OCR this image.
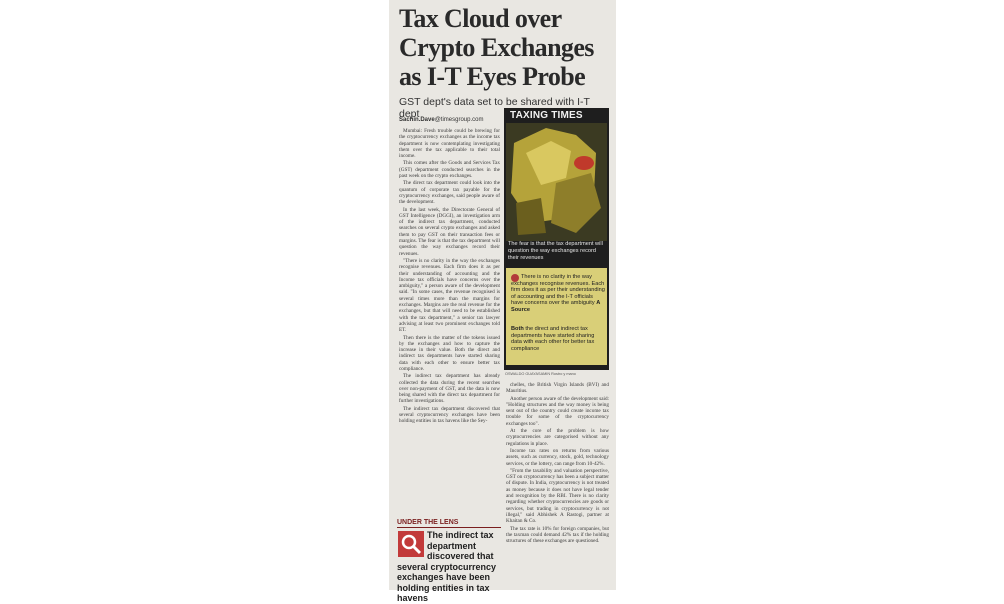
Tax Cloud over Crypto Exchanges as I-T Eyes Probe
GST dept's data set to be shared with I-T dept
Sachin.Dave@timesgroup.com

Mumbai: Fresh trouble could be brewing for the cryptocurrency exchanges as the income tax department is now contemplating investigating them over the tax applicable to their total income.

This comes after the Goods and Services Tax (GST) department conducted searches in the past week on the crypto exchanges.

The direct tax department could look into the quantum of corporate tax payable for the cryptocurrency exchanges, said people aware of the development.

In the last week, the Directorate General of GST Intelligence (DGGI), an investigation arm of the indirect tax department, conducted searches on several crypto exchanges and asked them to pay GST on their transaction fees or margins. The fear is that the tax department will question the way exchanges record their revenues.

"There is no clarity in the way the exchanges recognise revenues. Each firm does it as per their understanding of accounting and the Income tax officials have concerns over the ambiguity," a person aware of the development said. "In some cases, the revenue recognised is several times more than the margins for exchanges. Margins are the real revenue for the exchanges, but that will need to be established with the tax department," a senior tax lawyer advising at least two prominent exchanges told ET.

Then there is the matter of the tokens issued by the exchanges and how to capture the increase in their value. Both the direct and indirect tax departments have started sharing data with each other to ensure better tax compliance.

The indirect tax department has already collected the data during the recent searches over non-payment of GST, and the data is now being shared with the direct tax department for further investigations.

The indirect tax department discovered that several cryptocurrency exchanges have been holding entities in tax havens like the Sey-

TAXING TIMES
The fear is that the tax department will question the way exchanges record their revenues
There is no clarity in the way exchanges recognise revenues. Each firm does it as per their understanding of accounting and the I-T officials have concerns over the ambiguity A Source
Both the direct and indirect tax departments have started sharing data with each other for better tax compliance
OSWALDO GUAYASAMIN Rostro y mano

chelles, the British Virgin Islands (BVI) and Mauritius.

Another person aware of the development said: "Holding structures and the way money is being sent out of the country could create income tax trouble for some of the cryptocurrency exchanges too".

At the core of the problem is how cryptocurrencies are categorised without any regulations in place.

Income tax rates on returns from various assets, such as currency, stock, gold, technology services, or the lottery, can range from 10-42%.

"From the taxability and valuation perspective, GST on cryptocurrency has been a subject matter of dispute. In India, cryptocurrency is not treated as money because it does not have legal tender and recognition by the RBI. There is no clarity regarding whether cryptocurrencies are goods or services, but trading in cryptocurrency is not illegal," said Abhishek A Rastogi, partner at Khaitan & Co.

The tax rate is 10% for foreign companies, but the taxman could demand 42% tax if the holding structures of these exchanges are questioned.

UNDER THE LENS
The indirect tax department discovered that several cryptocurrency exchanges have been holding entities in tax havens
